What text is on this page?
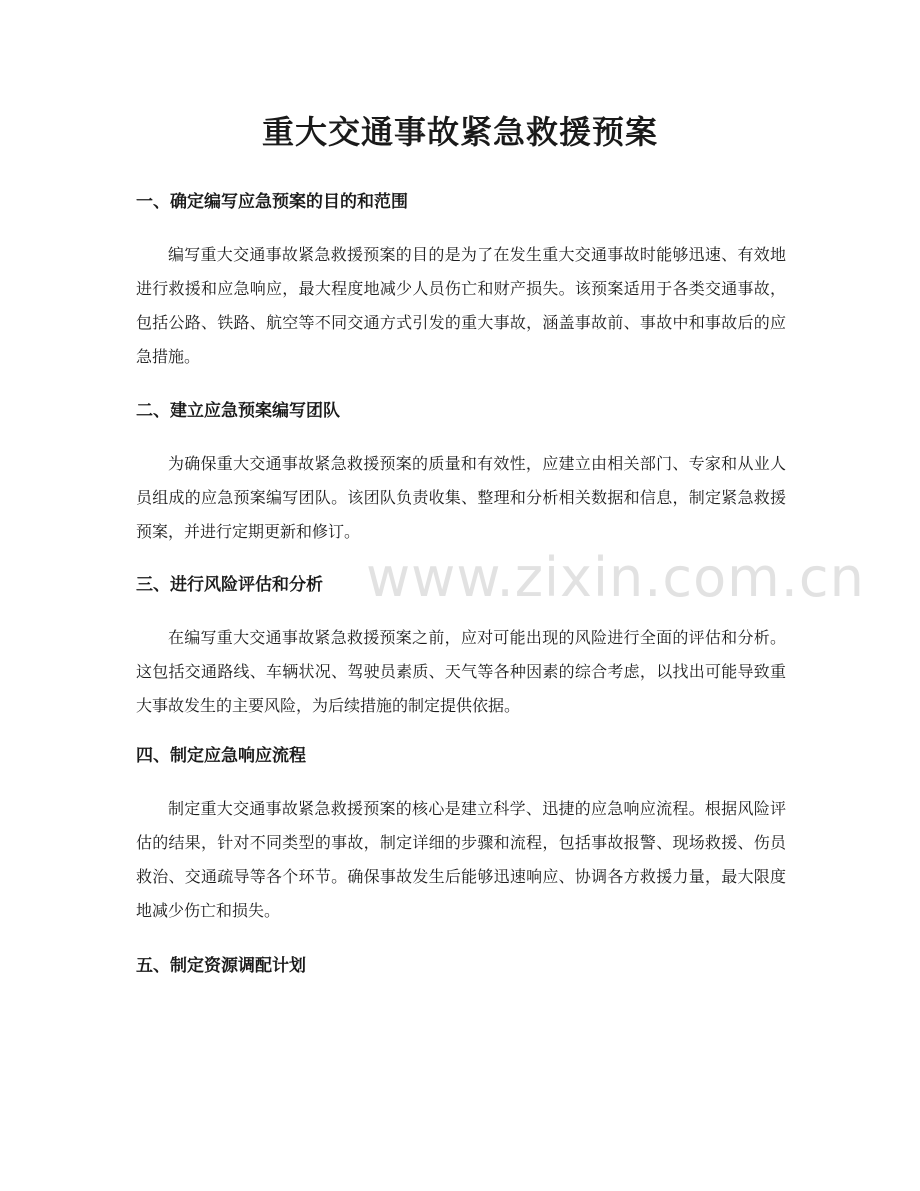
重大交通事故紧急救援预案
一、确定编写应急预案的目的和范围

编写重大交通事故紧急救援预案的目的是为了在发生重大交通事故时能够迅速、有效地进行救援和应急响应，最大程度地减少人员伤亡和财产损失。该预案适用于各类交通事故，包括公路、铁路、航空等不同交通方式引发的重大事故，涵盖事故前、事故中和事故后的应急措施。

二、建立应急预案编写团队

为确保重大交通事故紧急救援预案的质量和有效性，应建立由相关部门、专家和从业人员组成的应急预案编写团队。该团队负责收集、整理和分析相关数据和信息，制定紧急救援预案，并进行定期更新和修订。

三、进行风险评估和分析

在编写重大交通事故紧急救援预案之前，应对可能出现的风险进行全面的评估和分析。这包括交通路线、车辆状况、驾驶员素质、天气等各种因素的综合考虑，以找出可能导致重大事故发生的主要风险，为后续措施的制定提供依据。

四、制定应急响应流程

制定重大交通事故紧急救援预案的核心是建立科学、迅捷的应急响应流程。根据风险评估的结果，针对不同类型的事故，制定详细的步骤和流程，包括事故报警、现场救援、伤员救治、交通疏导等各个环节。确保事故发生后能够迅速响应、协调各方救援力量，最大限度地减少伤亡和损失。

五、制定资源调配计划
www.zixin.com.cn
